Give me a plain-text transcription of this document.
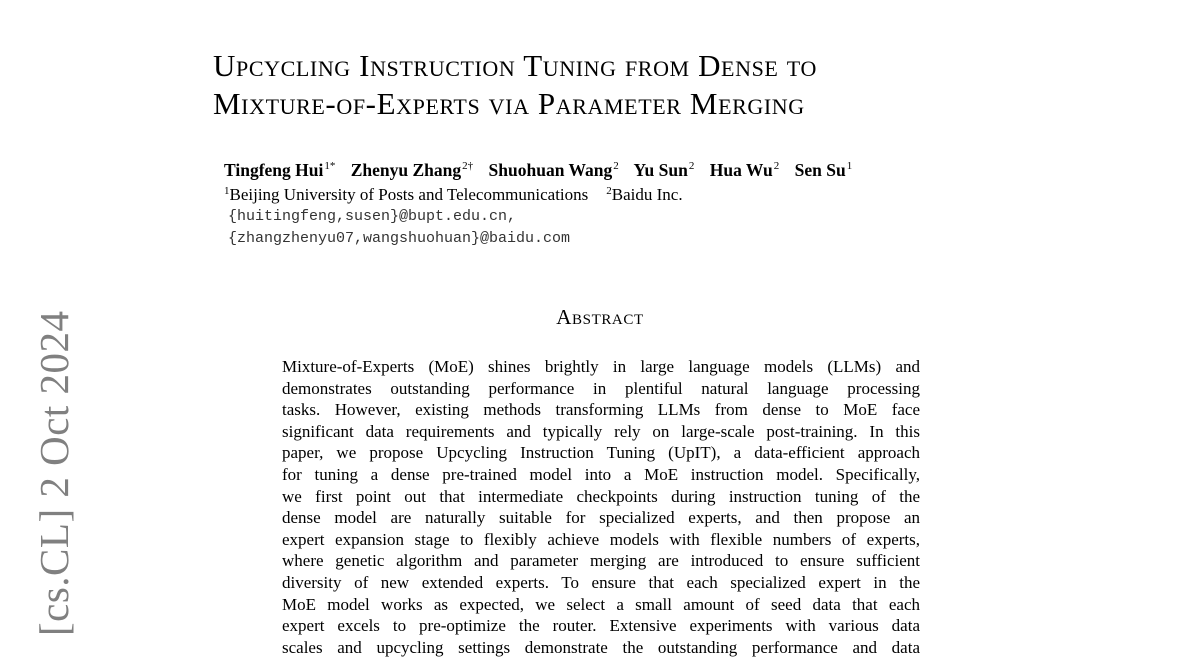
[cs.CL] 2 Oct 2024
Upcycling Instruction Tuning from Dense to
Mixture-of-Experts via Parameter Merging
Tingfeng Hui$^{1*}$ Zhenyu Zhang$^{2\dagger}$ Shuohuan Wang$^2$ Yu Sun$^2$ Hua Wu$^2$ Sen Su$^1$
$^1$Beijing University of Posts and Telecommunications $^2$Baidu Inc.
{huitingfeng,susen}@bupt.edu.cn,
{zhangzhenyu07,wangshuohuan}@baidu.com
Abstract
Mixture-of-Experts (MoE) shines brightly in large language models (LLMs) and
demonstrates outstanding performance in plentiful natural language processing
tasks. However, existing methods transforming LLMs from dense to MoE face
significant data requirements and typically rely on large-scale post-training. In this
paper, we propose Upcycling Instruction Tuning (UpIT), a data-efficient approach
for tuning a dense pre-trained model into a MoE instruction model. Specifically,
we first point out that intermediate checkpoints during instruction tuning of the
dense model are naturally suitable for specialized experts, and then propose an
expert expansion stage to flexibly achieve models with flexible numbers of experts,
where genetic algorithm and parameter merging are introduced to ensure sufficient
diversity of new extended experts. To ensure that each specialized expert in the
MoE model works as expected, we select a small amount of seed data that each
expert excels to pre-optimize the router. Extensive experiments with various data
scales and upcycling settings demonstrate the outstanding performance and data
